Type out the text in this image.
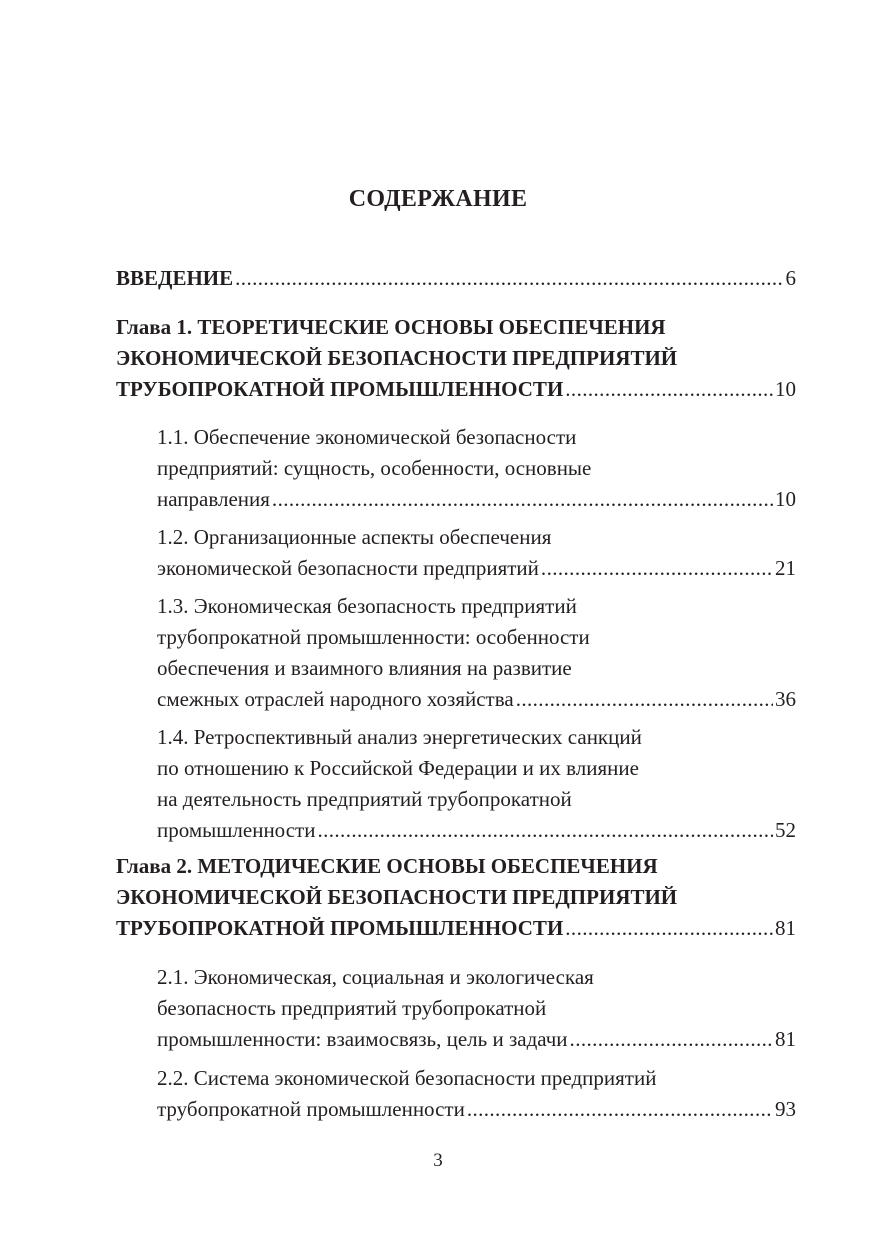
СОДЕРЖАНИЕ
ВВЕДЕНИЕ .....	6
Глава 1. ТЕОРЕТИЧЕСКИЕ ОСНОВЫ ОБЕСПЕЧЕНИЯ
ЭКОНОМИЧЕСКОЙ БЕЗОПАСНОСТИ ПРЕДПРИЯТИЙ
ТРУБОПРОКАТНОЙ ПРОМЫШЛЕННОСТИ .....	10
1.1. Обеспечение экономической безопасности
предприятий: сущность, особенности, основные
направления .....	10
1.2. Организационные аспекты обеспечения
экономической безопасности предприятий .....	21
1.3. Экономическая безопасность предприятий
трубопрокатной промышленности: особенности
обеспечения и взаимного влияния на развитие
смежных отраслей народного хозяйства .....	36
1.4. Ретроспективный анализ энергетических санкций
по отношению к Российской Федерации и их влияние
на деятельность предприятий трубопрокатной
промышленности .....	52
Глава 2. МЕТОДИЧЕСКИЕ ОСНОВЫ ОБЕСПЕЧЕНИЯ
ЭКОНОМИЧЕСКОЙ БЕЗОПАСНОСТИ ПРЕДПРИЯТИЙ
ТРУБОПРОКАТНОЙ ПРОМЫШЛЕННОСТИ .....	81
2.1. Экономическая, социальная и экологическая
безопасность предприятий трубопрокатной
промышленности: взаимосвязь, цель и задачи .....	81
2.2. Система экономической безопасности предприятий
трубопрокатной промышленности .....	93
3
